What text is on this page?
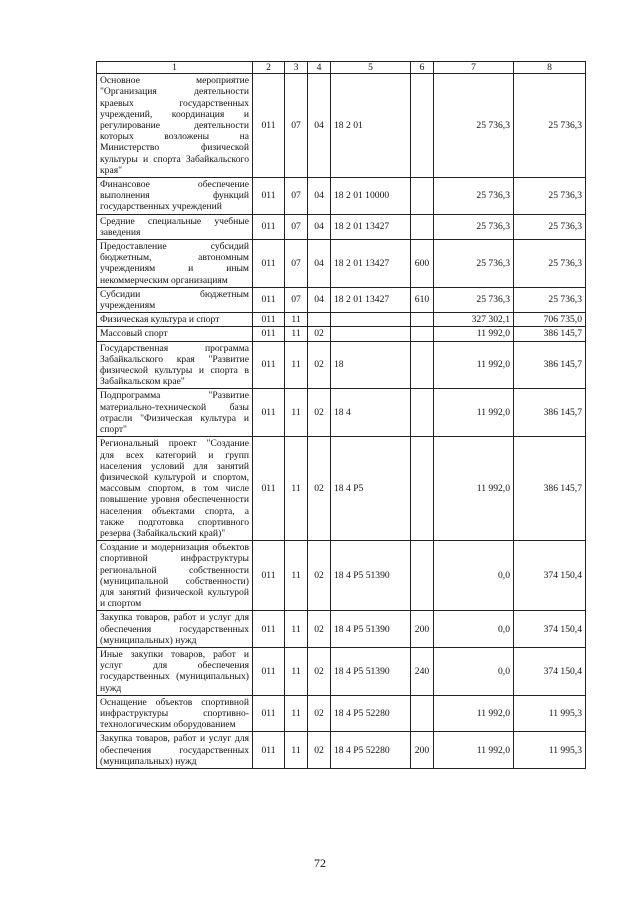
1	2	3	4	5	6	7	8
Основное мероприятие "Организация деятельности краевых государственных учреждений, координация и регулирование деятельности которых возложены на Министерство физической культуры и спорта Забайкальского края"	011	07	04	18 2 01		25 736,3	25 736,3
Финансовое обеспечение выполнения функций государственных учреждений	011	07	04	18 2 01 10000		25 736,3	25 736,3
Средние специальные учебные заведения	011	07	04	18 2 01 13427		25 736,3	25 736,3
Предоставление субсидий бюджетным, автономным учреждениям и иным некоммерческим организациям	011	07	04	18 2 01 13427	600	25 736,3	25 736,3
Субсидии бюджетным учреждениям	011	07	04	18 2 01 13427	610	25 736,3	25 736,3
Физическая культура и спорт	011	11				327 302,1	706 735,0
Массовый спорт	011	11	02			11 992,0	386 145,7
Государственная программа Забайкальского края "Развитие физической культуры и спорта в Забайкальском крае"	011	11	02	18		11 992,0	386 145,7
Подпрограмма "Развитие материально-технической базы отрасли "Физическая культура и спорт"	011	11	02	18 4		11 992,0	386 145,7
Региональный проект "Создание для всех категорий и групп населения условий для занятий физической культурой и спортом, массовым спортом, в том числе повышение уровня обеспеченности населения объектами спорта, а также подготовка спортивного резерва (Забайкальский край)"	011	11	02	18 4 P5		11 992,0	386 145,7
Создание и модернизация объектов спортивной инфраструктуры региональной собственности (муниципальной собственности) для занятий физической культурой и спортом	011	11	02	18 4 P5 51390		0,0	374 150,4
Закупка товаров, работ и услуг для обеспечения государственных (муниципальных) нужд	011	11	02	18 4 P5 51390	200	0,0	374 150,4
Иные закупки товаров, работ и услуг для обеспечения государственных (муниципальных) нужд	011	11	02	18 4 P5 51390	240	0,0	374 150,4
Оснащение объектов спортивной инфраструктуры спортивно-технологическим оборудованием	011	11	02	18 4 P5 52280		11 992,0	11 995,3
Закупка товаров, работ и услуг для обеспечения государственных (муниципальных) нужд	011	11	02	18 4 P5 52280	200	11 992,0	11 995,3
72
